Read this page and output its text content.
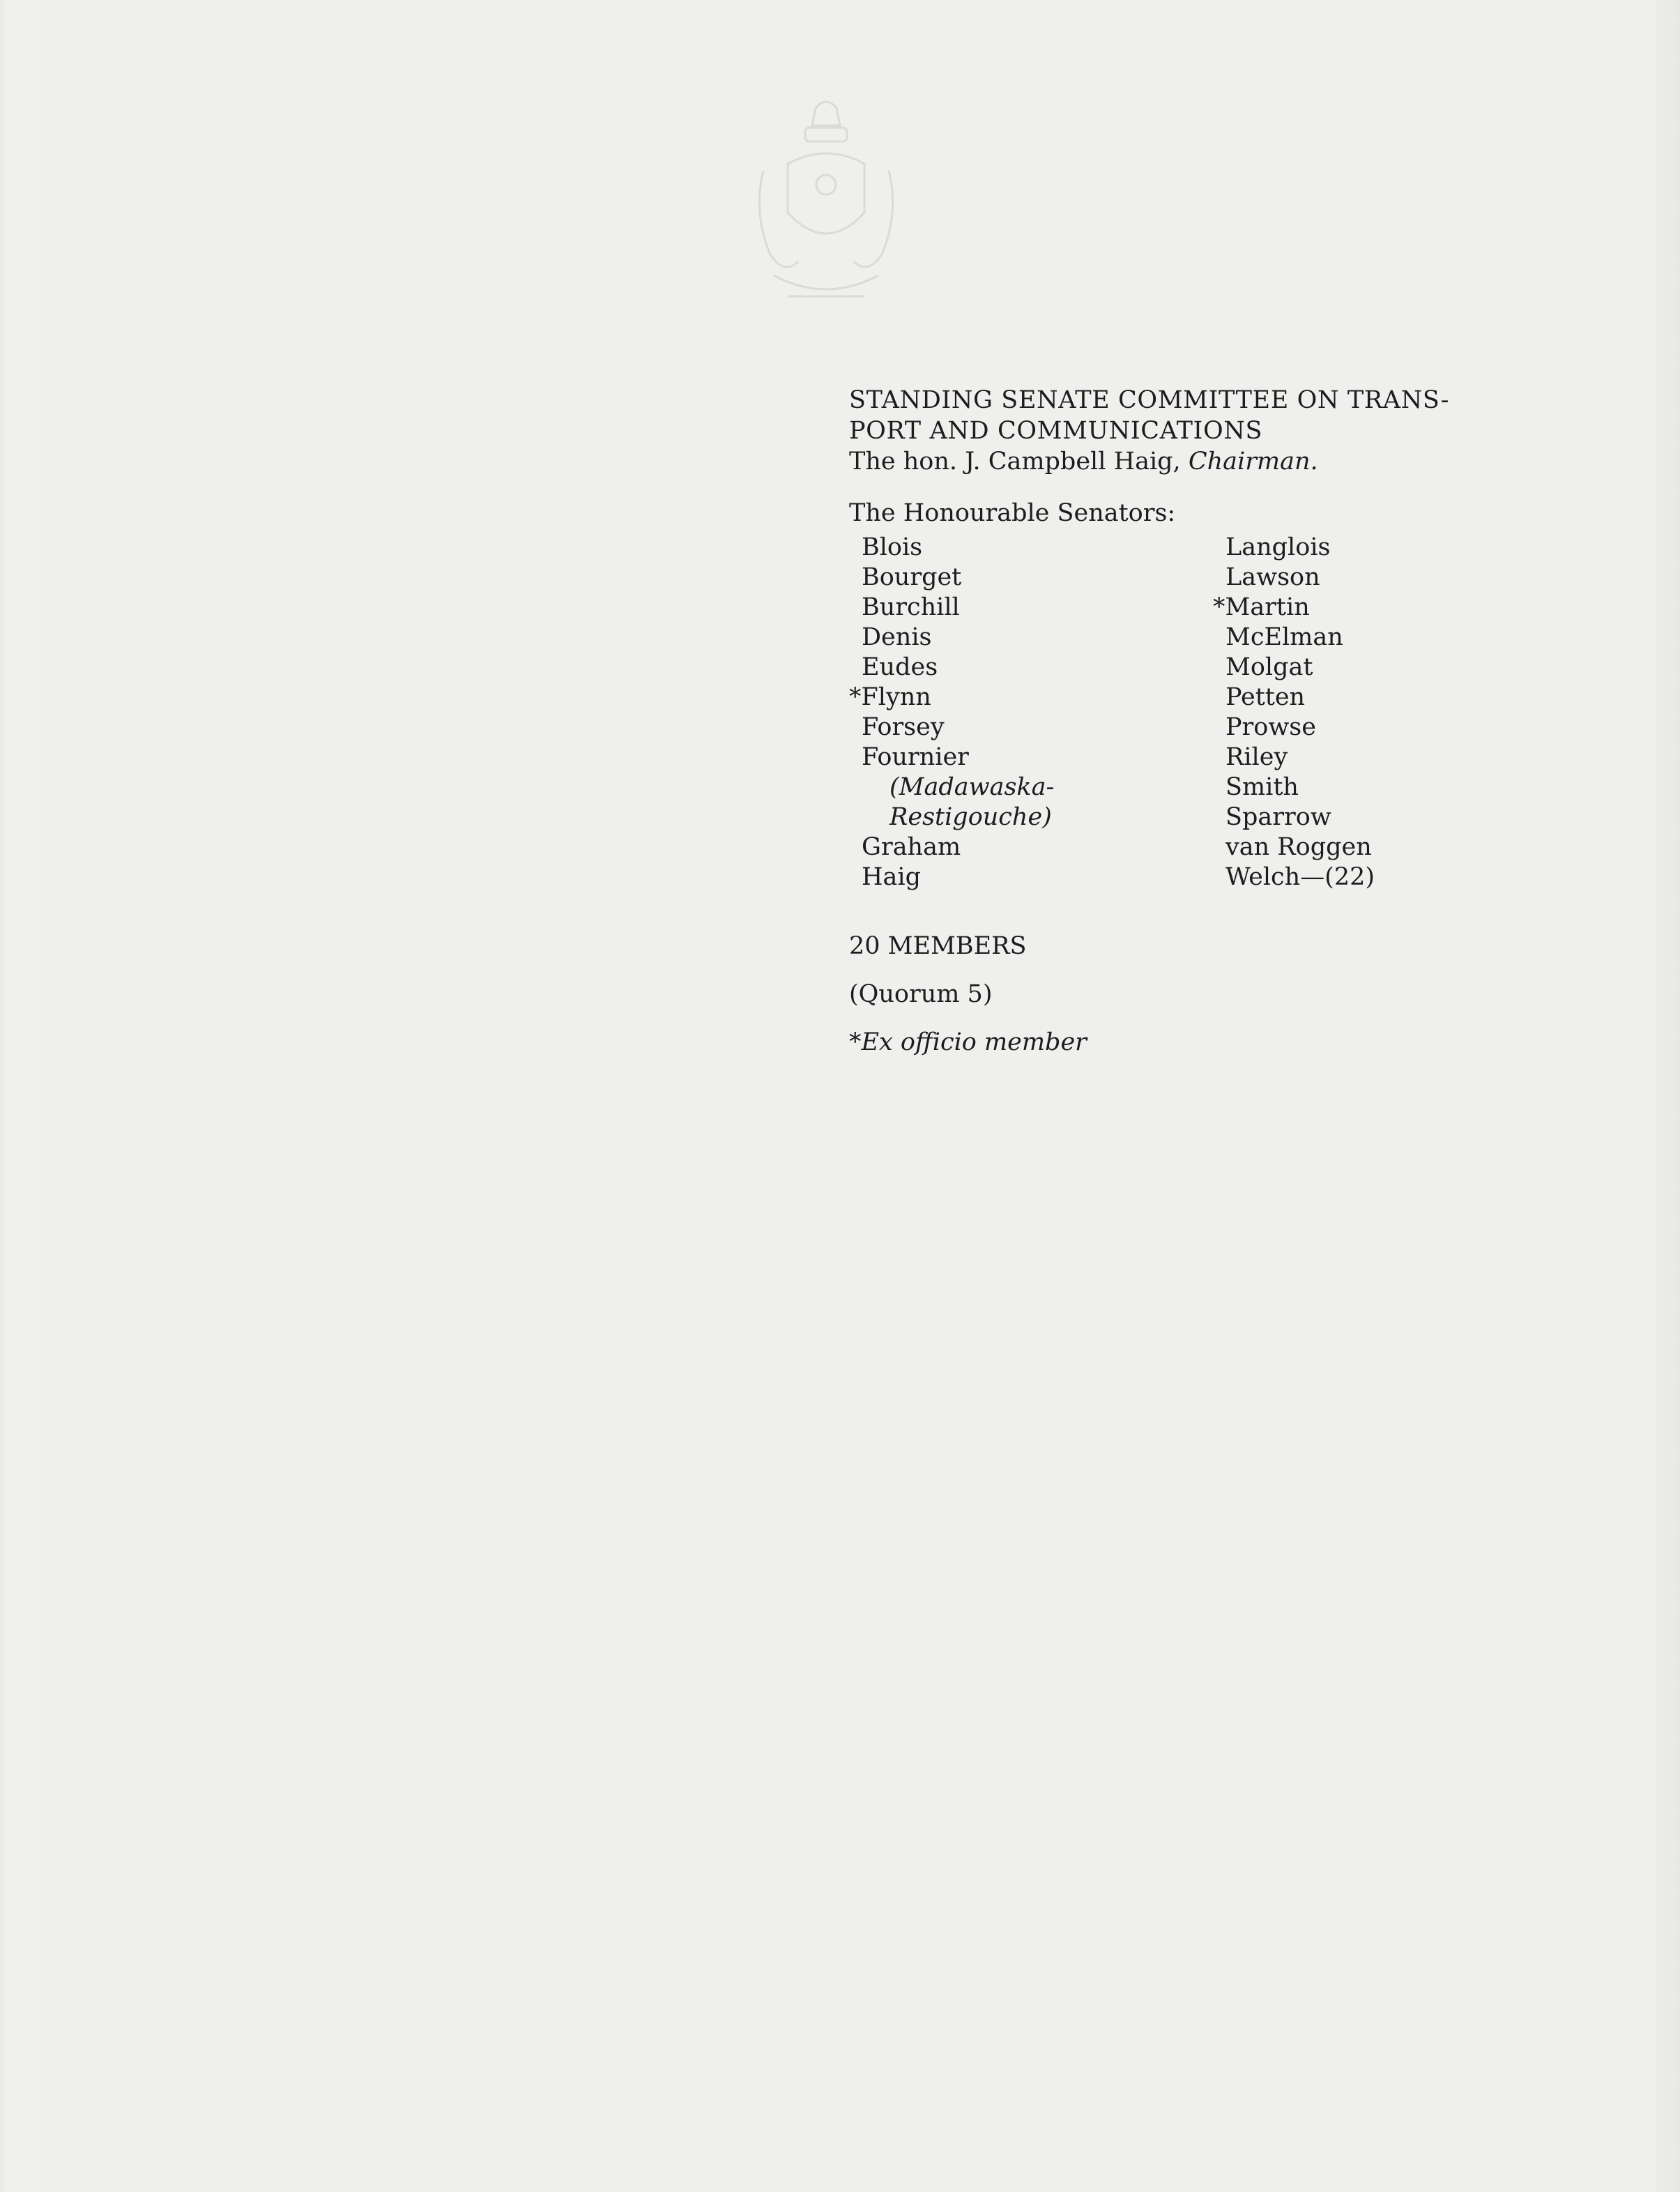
STANDING SENATE COMMITTEE ON TRANS-

PORT AND COMMUNICATIONS

The hon. J. Campbell Haig, Chairman.

The Honourable Senators:

Blois
Bourget
Burchill
Denis
Eudes
*Flynn
Forsey
Fournier
(Madawaska-
Restigouche)
Graham
Haig
Langlois
Lawson
*Martin
McElman
Molgat
Petten
Prowse
Riley
Smith
Sparrow
van Roggen
Welch—(22)
20 MEMBERS
(Quorum 5)
*Ex officio member
